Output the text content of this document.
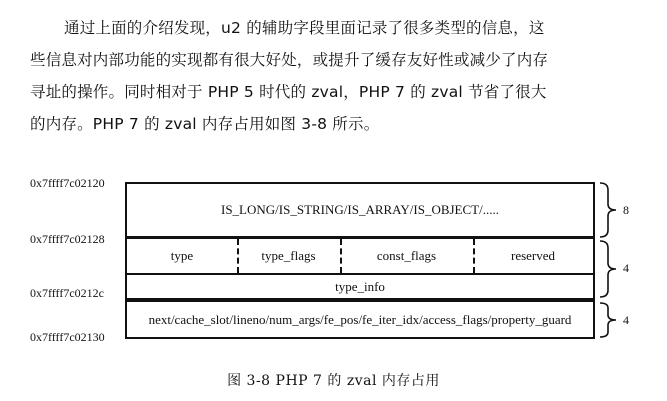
通过上面的介绍发现，u2 的辅助字段里面记录了很多类型的信息，这

些信息对内部功能的实现都有很大好处，或提升了缓存友好性或减少了内存

寻址的操作。同时相对于 PHP 5 时代的 zval，PHP 7 的 zval 节省了很大

的内存。PHP 7 的 zval 内存占用如图 3-8 所示。

0x7ffff7c02120
0x7ffff7c02128
0x7ffff7c0212c
0x7ffff7c02130
IS_LONG/IS_STRING/IS_ARRAY/IS_OBJECT/.....
type	type_flags	const_flags	reserved
type_info
next/cache_slot/lineno/num_args/fe_pos/fe_iter_idx/access_flags/property_guard
8
4
4
图 3-8 PHP 7 的 zval 内存占用
